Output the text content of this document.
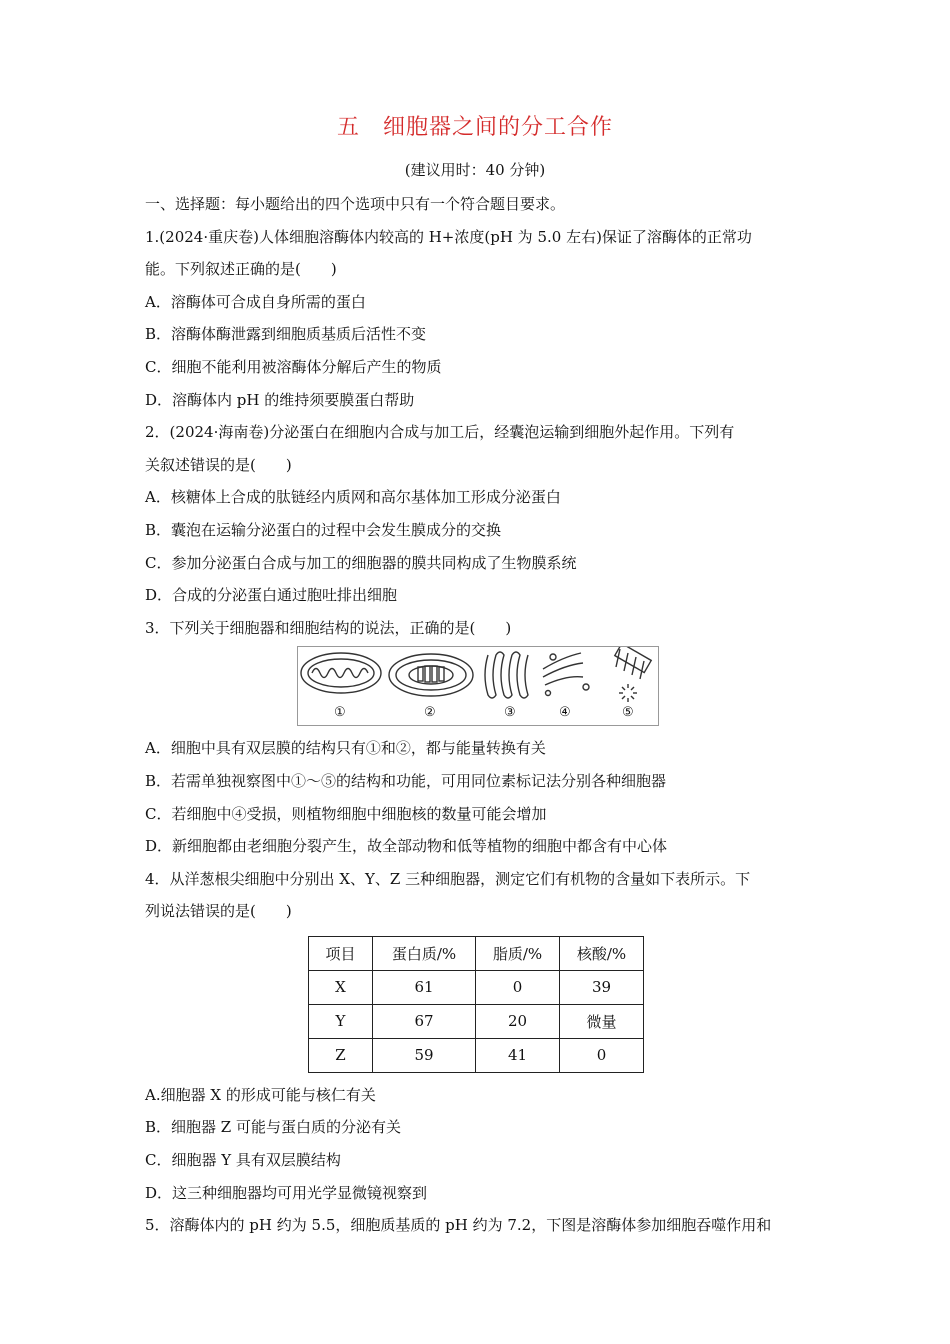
五　细胞器之间的分工合作
(建议用时：40 分钟)
一、选择题：每小题给出的四个选项中只有一个符合题目要求。
1.(2024·重庆卷)人体细胞溶酶体内较高的 H+浓度(pH 为 5.0 左右)保证了溶酶体的正常功
能。下列叙述正确的是(　　)
A．溶酶体可合成自身所需的蛋白
B．溶酶体酶泄露到细胞质基质后活性不变
C．细胞不能利用被溶酶体分解后产生的物质
D．溶酶体内 pH 的维持须要膜蛋白帮助
2．(2024·海南卷)分泌蛋白在细胞内合成与加工后，经囊泡运输到细胞外起作用。下列有
关叙述错误的是(　　)
A．核糖体上合成的肽链经内质网和高尔基体加工形成分泌蛋白
B．囊泡在运输分泌蛋白的过程中会发生膜成分的交换
C．参加分泌蛋白合成与加工的细胞器的膜共同构成了生物膜系统
D．合成的分泌蛋白通过胞吐排出细胞
3．下列关于细胞器和细胞结构的说法，正确的是(　　)
①	②	③	④	⑤
A．细胞中具有双层膜的结构只有①和②，都与能量转换有关
B．若需单独视察图中①～⑤的结构和功能，可用同位素标记法分别各种细胞器
C．若细胞中④受损，则植物细胞中细胞核的数量可能会增加
D．新细胞都由老细胞分裂产生，故全部动物和低等植物的细胞中都含有中心体
4．从洋葱根尖细胞中分别出 X、Y、Z 三种细胞器，测定它们有机物的含量如下表所示。下
列说法错误的是(　　)
项目	蛋白质/%	脂质/%	核酸/%
X	61	0	39
Y	67	20	微量
Z	59	41	0
A.细胞器 X 的形成可能与核仁有关
B．细胞器 Z 可能与蛋白质的分泌有关
C．细胞器 Y 具有双层膜结构
D．这三种细胞器均可用光学显微镜视察到
5．溶酶体内的 pH 约为 5.5，细胞质基质的 pH 约为 7.2，下图是溶酶体参加细胞吞噬作用和
